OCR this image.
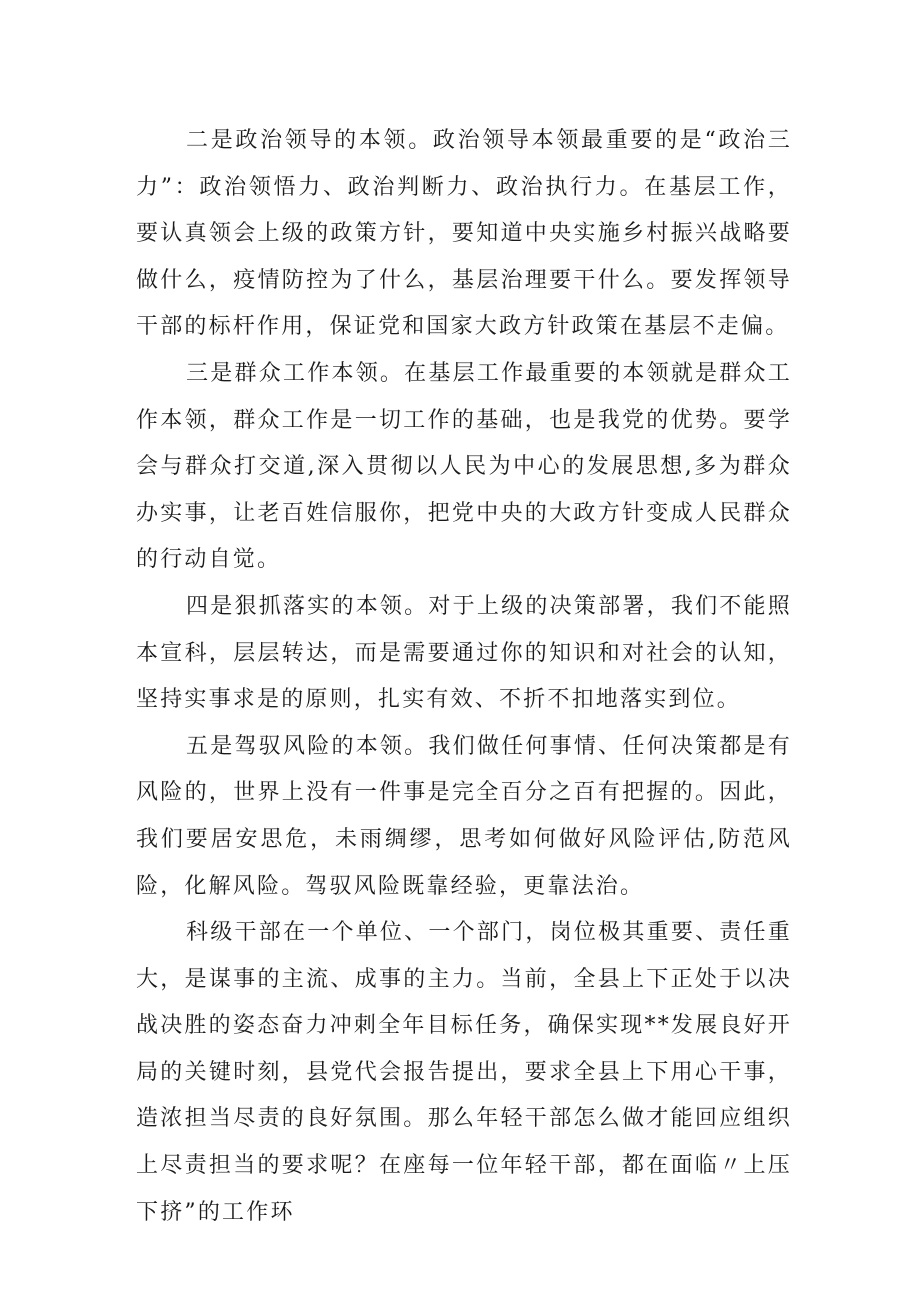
二是政治领导的本领。政治领导本领最重要的是“政治三力”：政治领悟力、政治判断力、政治执行力。在基层工作，要认真领会上级的政策方针，要知道中央实施乡村振兴战略要做什么，疫情防控为了什么，基层治理要干什么。要发挥领导干部的标杆作用，保证党和国家大政方针政策在基层不走偏。

三是群众工作本领。在基层工作最重要的本领就是群众工作本领，群众工作是一切工作的基础，也是我党的优势。要学会与群众打交道,深入贯彻以人民为中心的发展思想,多为群众办实事，让老百姓信服你，把党中央的大政方针变成人民群众的行动自觉。

四是狠抓落实的本领。对于上级的决策部署，我们不能照本宣科，层层转达，而是需要通过你的知识和对社会的认知，坚持实事求是的原则，扎实有效、不折不扣地落实到位。

五是驾驭风险的本领。我们做任何事情、任何决策都是有风险的，世界上没有一件事是完全百分之百有把握的。因此，我们要居安思危，未雨绸缪，思考如何做好风险评估,防范风险，化解风险。驾驭风险既靠经验，更靠法治。

科级干部在一个单位、一个部门，岗位极其重要、责任重大，是谋事的主流、成事的主力。当前，全县上下正处于以决战决胜的姿态奋力冲刺全年目标任务，确保实现**发展良好开局的关键时刻，县党代会报告提出，要求全县上下用心干事，造浓担当尽责的良好氛围。那么年轻干部怎么做才能回应组织上尽责担当的要求呢？在座每一位年轻干部，都在面临〃上压下挤”的工作环
